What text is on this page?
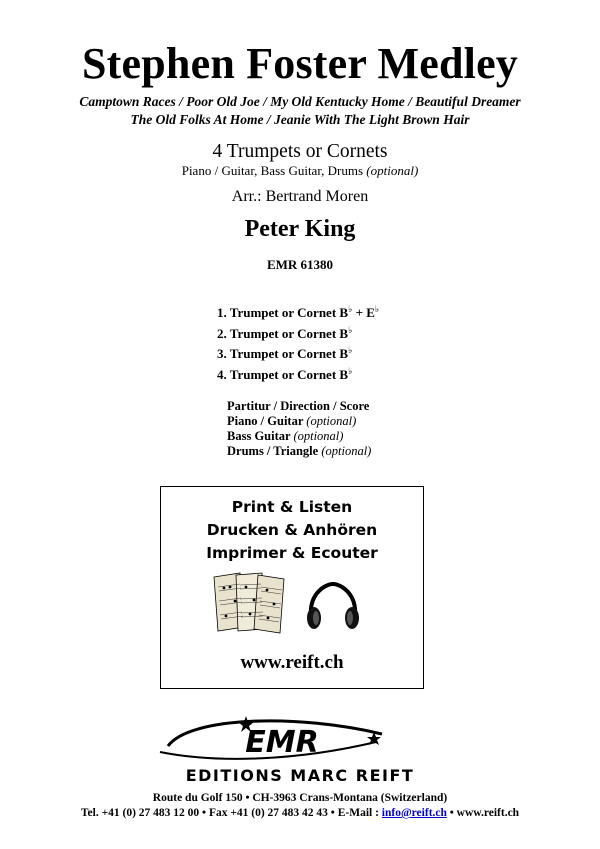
Stephen Foster Medley
Camptown Races / Poor Old Joe / My Old Kentucky Home / Beautiful Dreamer
The Old Folks At Home / Jeanie With The Light Brown Hair
4 Trumpets or Cornets
Piano / Guitar, Bass Guitar, Drums (optional)
Arr.: Bertrand Moren
Peter King
EMR 61380
1. Trumpet or Cornet B♭ + E♭
2. Trumpet or Cornet B♭
3. Trumpet or Cornet B♭
4. Trumpet or Cornet B♭
Partitur / Direction / Score
Piano / Guitar (optional)
Bass Guitar (optional)
Drums / Triangle (optional)
Print & Listen
Drucken & Anhören
Imprimer & Ecouter
www.reift.ch
EMR
EDITIONS MARC REIFT
Route du Golf 150 • CH-3963 Crans-Montana (Switzerland)
Tel. +41 (0) 27 483 12 00 • Fax +41 (0) 27 483 42 43 • E-Mail : info@reift.ch • www.reift.ch
